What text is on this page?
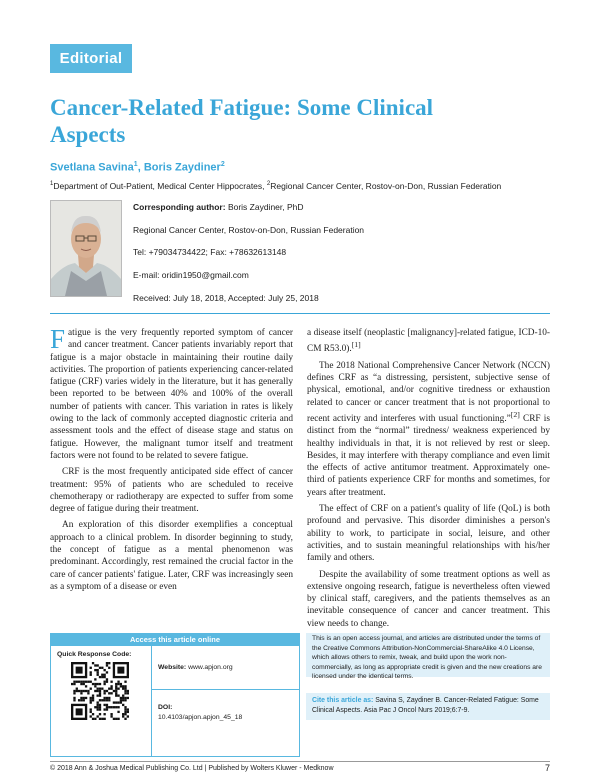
Editorial
Cancer-Related Fatigue: Some Clinical Aspects
Svetlana Savina$^1$, Boris Zaydiner$^2$
$^1$Department of Out-Patient, Medical Center Hippocrates, $^2$Regional Cancer Center, Rostov-on-Don, Russian Federation
Corresponding author: Boris Zaydiner, PhD
Regional Cancer Center, Rostov-on-Don, Russian Federation
Tel: +79034734422; Fax: +78632613148
E-mail: oridin1950@gmail.com
Received: July 18, 2018, Accepted: July 25, 2018

Fatigue is the very frequently reported symptom of cancer and cancer treatment. Cancer patients invariably report that fatigue is a major obstacle in maintaining their routine daily activities. The proportion of patients experiencing cancer-related fatigue (CRF) varies widely in the literature, but it has generally been reported to be between 40% and 100% of the overall number of patients with cancer. This variation in rates is likely owing to the lack of commonly accepted diagnostic criteria and assessment tools and the effect of disease stage and status on fatigue. However, the malignant tumor itself and treatment factors were not found to be related to severe fatigue.

CRF is the most frequently anticipated side effect of cancer treatment: 95% of patients who are scheduled to receive chemotherapy or radiotherapy are expected to suffer from some degree of fatigue during their treatment.

An exploration of this disorder exemplifies a conceptual approach to a clinical problem. In disorder beginning to study, the concept of fatigue as a mental phenomenon was predominant. Accordingly, rest remained the crucial factor in the care of cancer patients' fatigue. Later, CRF was increasingly seen as a symptom of a disease or even

a disease itself (neoplastic [malignancy]-related fatigue, ICD-10-CM R53.0).[1]

The 2018 National Comprehensive Cancer Network (NCCN) defines CRF as “a distressing, persistent, subjective sense of physical, emotional, and/or cognitive tiredness or exhaustion related to cancer or cancer treatment that is not proportional to recent activity and interferes with usual functioning.”[2] CRF is distinct from the “normal” tiredness/ weakness experienced by healthy individuals in that, it is not relieved by rest or sleep. Besides, it may interfere with therapy compliance and even limit the effects of active antitumor treatment. Approximately one-third of patients experience CRF for months and sometimes, for years after treatment.

The effect of CRF on a patient's quality of life (QoL) is both profound and pervasive. This disorder diminishes a person's ability to work, to participate in social, leisure, and other activities, and to sustain meaningful relationships with his/her family and others.

Despite the availability of some treatment options as well as extensive ongoing research, fatigue is nevertheless often viewed by clinical staff, caregivers, and the patients themselves as an inevitable consequence of cancer and cancer treatment. This view needs to change.

Access this article online
Quick Response Code:
Website: www.apjon.org
DOI:
10.4103/apjon.apjon_45_18
This is an open access journal, and articles are distributed under the terms of the Creative Commons Attribution-NonCommercial-ShareAlike 4.0 License, which allows others to remix, tweak, and build upon the work non-commercially, as long as appropriate credit is given and the new creations are licensed under the identical terms.
Cite this article as: Savina S, Zaydiner B. Cancer-Related Fatigue: Some Clinical Aspects. Asia Pac J Oncol Nurs 2019;6:7-9.
© 2018 Ann & Joshua Medical Publishing Co. Ltd | Published by Wolters Kluwer - Medknow	7
